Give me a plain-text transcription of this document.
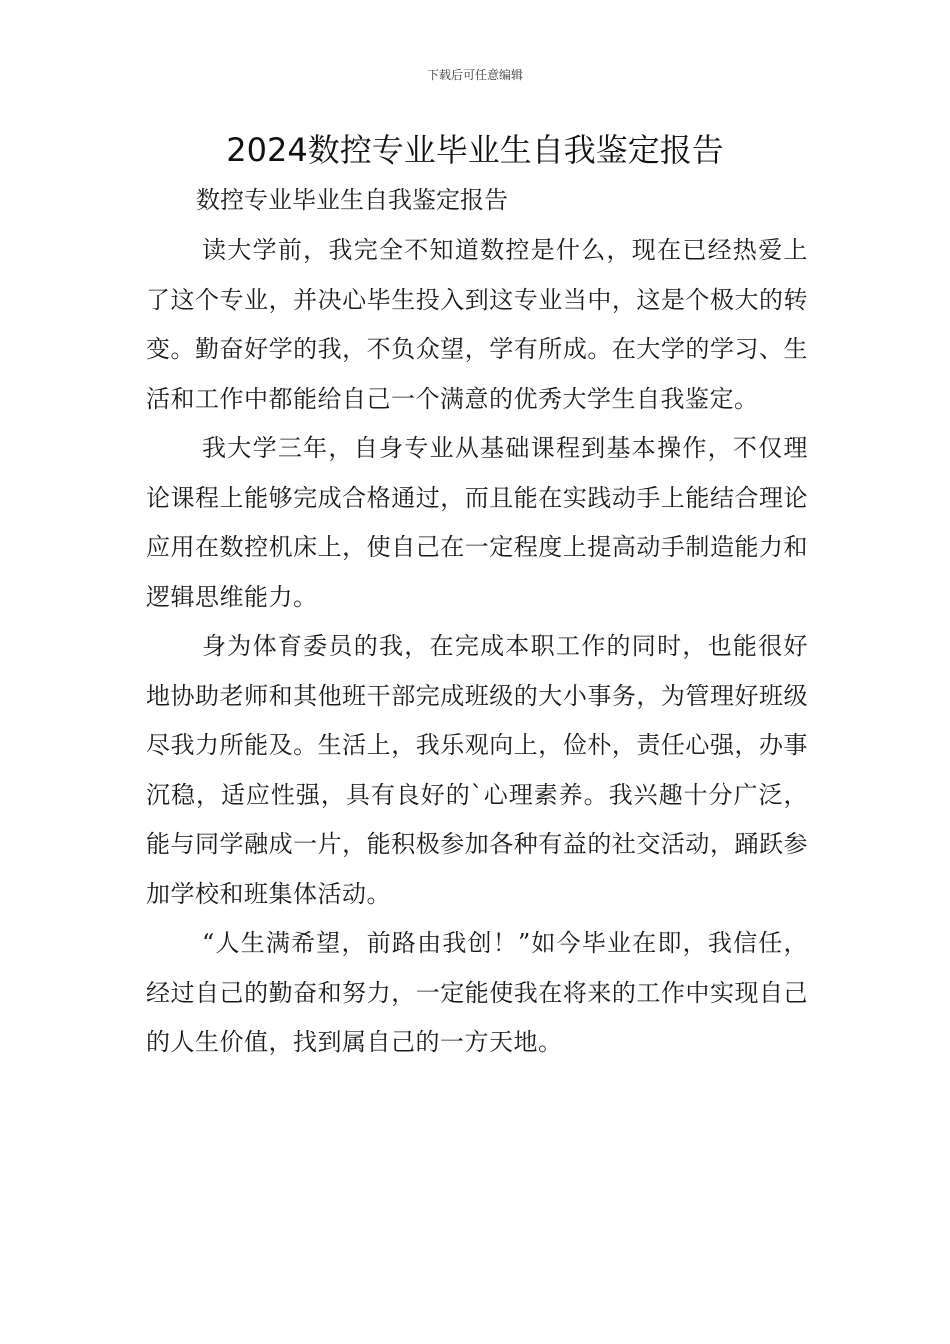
下载后可任意编辑
2024数控专业毕业生自我鉴定报告

数控专业毕业生自我鉴定报告

读大学前，我完全不知道数控是什么，现在已经热爱上了这个专业，并决心毕生投入到这专业当中，这是个极大的转变。勤奋好学的我，不负众望，学有所成。在大学的学习、生活和工作中都能给自己一个满意的优秀大学生自我鉴定。

我大学三年，自身专业从基础课程到基本操作，不仅理论课程上能够完成合格通过，而且能在实践动手上能结合理论应用在数控机床上，使自己在一定程度上提高动手制造能力和逻辑思维能力。

身为体育委员的我，在完成本职工作的同时，也能很好地协助老师和其他班干部完成班级的大小事务，为管理好班级尽我力所能及。生活上，我乐观向上，俭朴，责任心强，办事沉稳，适应性强，具有良好的`心理素养。我兴趣十分广泛，能与同学融成一片，能积极参加各种有益的社交活动，踊跃参加学校和班集体活动。

“人生满希望，前路由我创！”如今毕业在即，我信任，经过自己的勤奋和努力，一定能使我在将来的工作中实现自己的人生价值，找到属自己的一方天地。
